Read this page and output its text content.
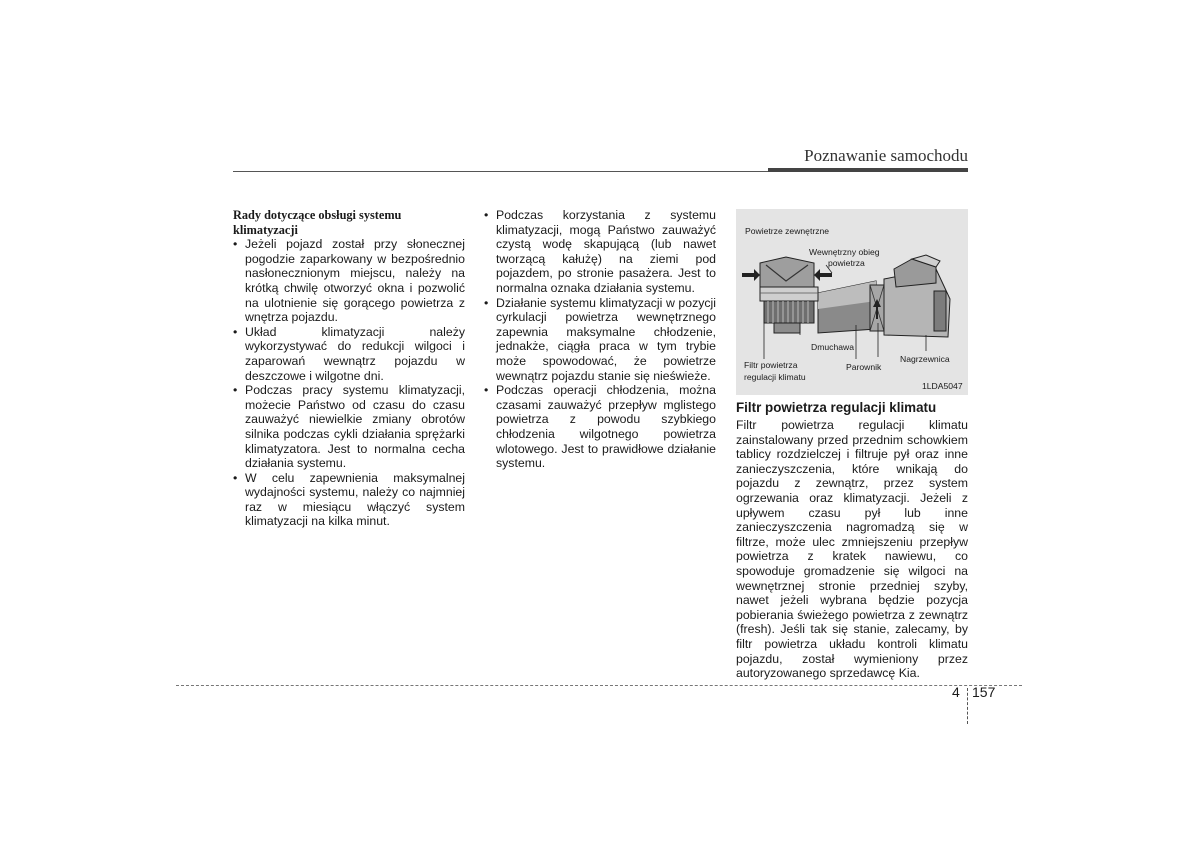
Poznawanie samochodu
Rady dotyczące obsługi systemu klimatyzacji
• Jeżeli pojazd został przy słonecznej pogodzie zaparkowany w bezpośrednio nasłonecznionym miejscu, należy na krótką chwilę otworzyć okna i pozwolić na ulotnienie się gorącego powietrza z wnętrza pojazdu.
• Układ klimatyzacji należy wykorzystywać do redukcji wilgoci i zaparowań wewnątrz pojazdu w deszczowe i wilgotne dni.
• Podczas pracy systemu klimatyzacji, możecie Państwo od czasu do czasu zauważyć niewielkie zmiany obrotów silnika podczas cykli działania sprężarki klimatyzatora. Jest to normalna cecha działania systemu.
• W celu zapewnienia maksymalnej wydajności systemu, należy co najmniej raz w miesiącu włączyć system klimatyzacji na kilka minut.
• Podczas korzystania z systemu klimatyzacji, mogą Państwo zauważyć czystą wodę skapującą (lub nawet tworzącą kałużę) na ziemi pod pojazdem, po stronie pasażera. Jest to normalna oznaka działania systemu.
• Działanie systemu klimatyzacji w pozycji cyrkulacji powietrza wewnętrznego zapewnia maksymalne chłodzenie, jednakże, ciągła praca w tym trybie może spowodować, że powietrze wewnątrz pojazdu stanie się nieświeże.
• Podczas operacji chłodzenia, można czasami zauważyć przepływ mglistego powietrza z powodu szybkiego chłodzenia wilgotnego powietrza wlotowego. Jest to prawidłowe działanie systemu.
Powietrze zewnętrzne
Wewnętrzny obieg
powietrza
Dmuchawa
Nagrzewnica
Filtr powietrza
regulacji klimatu
Parownik
1LDA5047
Filtr powietrza regulacji klimatu

Filtr powietrza regulacji klimatu zainstalowany przed przednim schowkiem tablicy rozdzielczej i filtruje pył oraz inne zanieczyszczenia, które wnikają do pojazdu z zewnątrz, przez system ogrzewania oraz klimatyzacji. Jeżeli z upływem czasu pył lub inne zanieczyszczenia nagromadzą się w filtrze, może ulec zmniejszeniu przepływ powietrza z kratek nawiewu, co spowoduje gromadzenie się wilgoci na wewnętrznej stronie przedniej szyby, nawet jeżeli wybrana będzie pozycja pobierania świeżego powietrza z zewnątrz (fresh). Jeśli tak się stanie, zalecamy, by filtr powietrza układu kontroli klimatu pojazdu, został wymieniony przez autoryzowanego sprzedawcę Kia.

4 157
